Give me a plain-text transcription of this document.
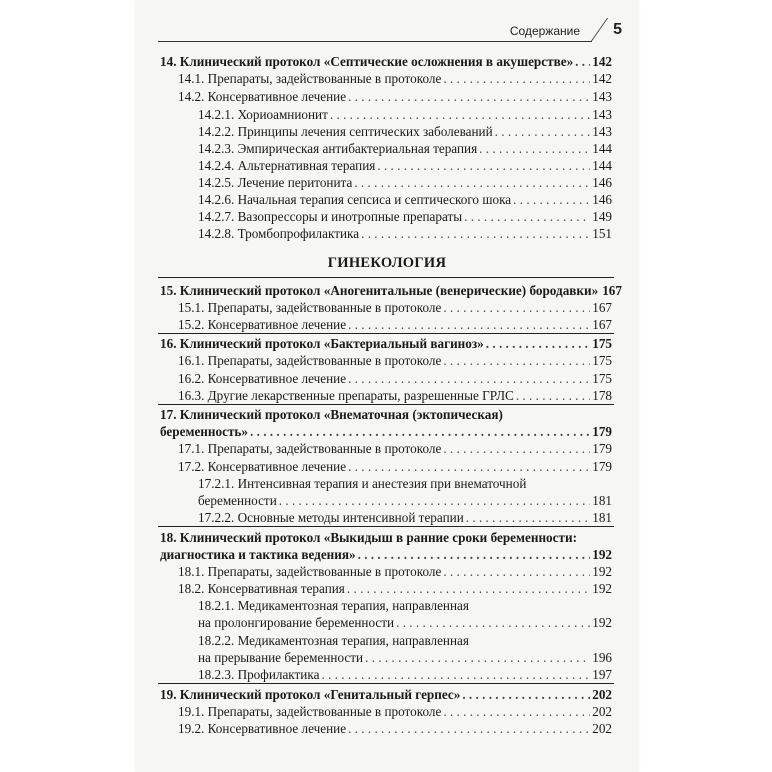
Содержание 5
14. Клинический протокол «Септические осложнения в акушерстве» . . . 142
14.1. Препараты, задействованные в протоколе . . .	142
14.2. Консервативное лечение . . .	143
14.2.1. Хориоамнионит . . .	143
14.2.2. Принципы лечения септических заболеваний . . .	143
14.2.3. Эмпирическая антибактериальная терапия . . .	144
14.2.4. Альтернативная терапия . . .	144
14.2.5. Лечение перитонита . . .	146
14.2.6. Начальная терапия сепсиса и септического шока . . .	146
14.2.7. Вазопрессоры и инотропные препараты . . .	149
14.2.8. Тромбопрофилактика . . .	151
ГИНЕКОЛОГИЯ
15. Клинический протокол «Аногенитальные (венерические) бородавки» 167
15.1. Препараты, задействованные в протоколе . . .	167
15.2. Консервативное лечение . . .	167
16. Клинический протокол «Бактериальный вагиноз» . . .	175
16.1. Препараты, задействованные в протоколе . . .	175
16.2. Консервативное лечение . . .	175
16.3. Другие лекарственные препараты, разрешенные ГРЛС . . .	178
17. Клинический протокол «Внематочная (эктопическая)
беременность» . . .	179
17.1. Препараты, задействованные в протоколе . . .	179
17.2. Консервативное лечение . . .	179
17.2.1. Интенсивная терапия и анестезия при внематочной
беременности . . .	181
17.2.2. Основные методы интенсивной терапии . . .	181
18. Клинический протокол «Выкидыш в ранние сроки беременности:
диагностика и тактика ведения» . . .	192
18.1. Препараты, задействованные в протоколе . . .	192
18.2. Консервативная терапия . . .	192
18.2.1. Медикаментозная терапия, направленная
на пролонгирование беременности . . .	192
18.2.2. Медикаментозная терапия, направленная
на прерывание беременности . . .	196
18.2.3. Профилактика . . .	197
19. Клинический протокол «Генитальный герпес» . . .	202
19.1. Препараты, задействованные в протоколе . . .	202
19.2. Консервативное лечение . . .	202
